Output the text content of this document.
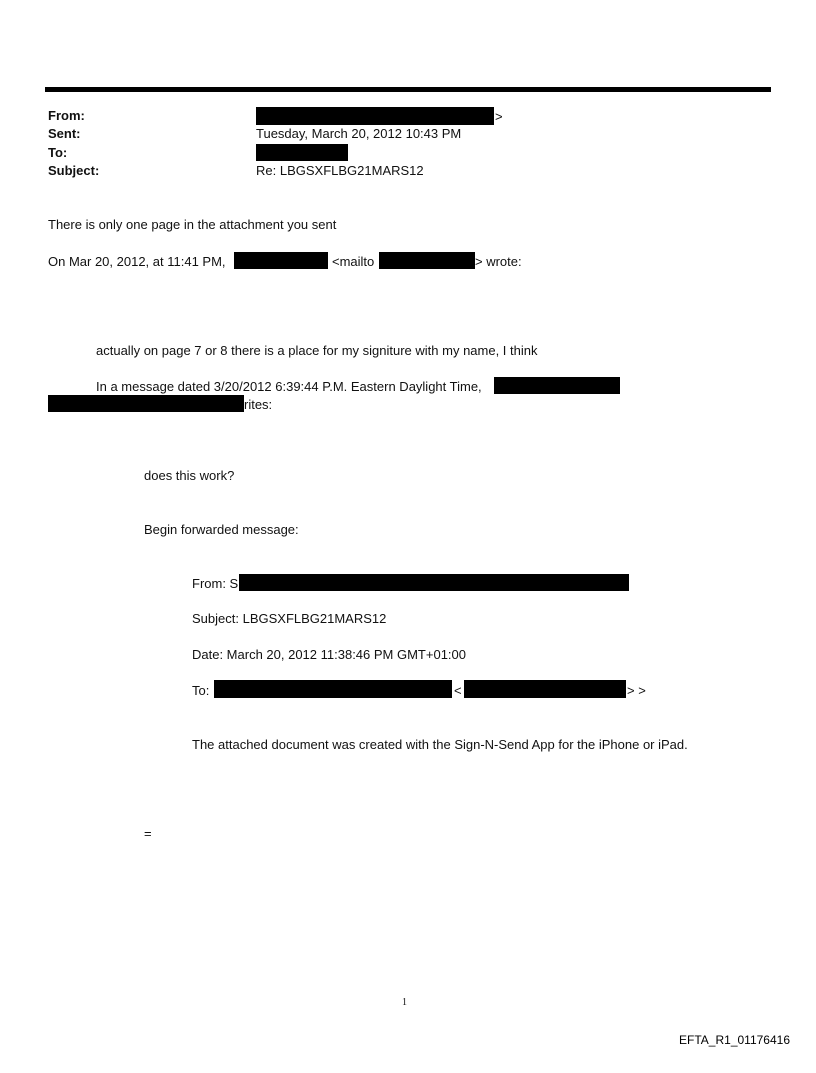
From:	>
Sent:	Tuesday, March 20, 2012 10:43 PM
To:
Subject:	Re: LBGSXFLBG21MARS12
There is only one page in the attachment you sent
On Mar 20, 2012, at 11:41 PM,	<mailto	> wrote:
actually on page 7 or 8 there is a place for my signiture with my name, I think
In a message dated 3/20/2012 6:39:44 P.M. Eastern Daylight Time,
rites:
does this work?
Begin forwarded message:
From: S
Subject: LBGSXFLBG21MARS12
Date: March 20, 2012 11:38:46 PM GMT+01:00
To:	<	> >
The attached document was created with the Sign-N-Send App for the iPhone or iPad.
=
1
EFTA_R1_01176416
